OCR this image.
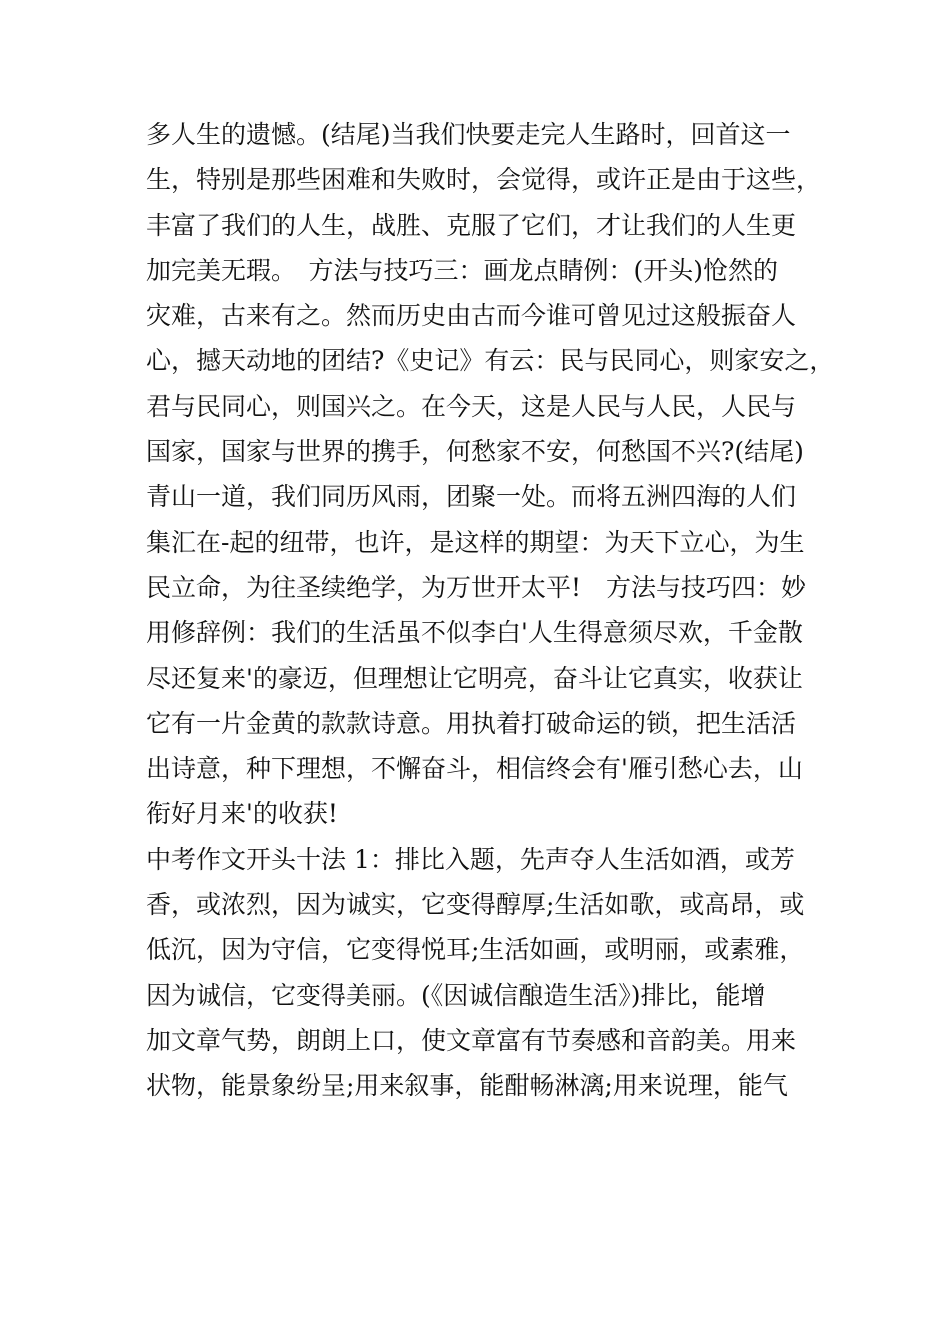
多人生的遗憾。(结尾)当我们快要走完人生路时，回首这一
生，特别是那些困难和失败时，会觉得，或许正是由于这些，
丰富了我们的人生，战胜、克服了它们，才让我们的人生更
加完美无瑕。　方法与技巧三：画龙点睛例：(开头)怆然的
灾难，古来有之。然而历史由古而今谁可曾见过这般振奋人
心，撼天动地的团结?《史记》有云：民与民同心，则家安之，
君与民同心，则国兴之。在今天，这是人民与人民，人民与
国家，国家与世界的携手，何愁家不安，何愁国不兴?(结尾)
青山一道，我们同历风雨，团聚一处。而将五洲四海的人们
集汇在-起的纽带，也许，是这样的期望：为天下立心，为生
民立命，为往圣续绝学，为万世开太平!　方法与技巧四：妙
用修辞例：我们的生活虽不似李白'人生得意须尽欢，千金散
尽还复来'的豪迈，但理想让它明亮，奋斗让它真实，收获让
它有一片金黄的款款诗意。用执着打破命运的锁，把生活活
出诗意，种下理想，不懈奋斗，相信终会有'雁引愁心去，山
衔好月来'的收获!
中考作文开头十法 1：排比入题，先声夺人生活如酒，或芳
香，或浓烈，因为诚实，它变得醇厚;生活如歌，或高昂，或
低沉，因为守信，它变得悦耳;生活如画，或明丽，或素雅，
因为诚信，它变得美丽。(《因诚信酿造生活》)排比，能增
加文章气势，朗朗上口，使文章富有节奏感和音韵美。用来
状物，能景象纷呈;用来叙事，能酣畅淋漓;用来说理，能气
